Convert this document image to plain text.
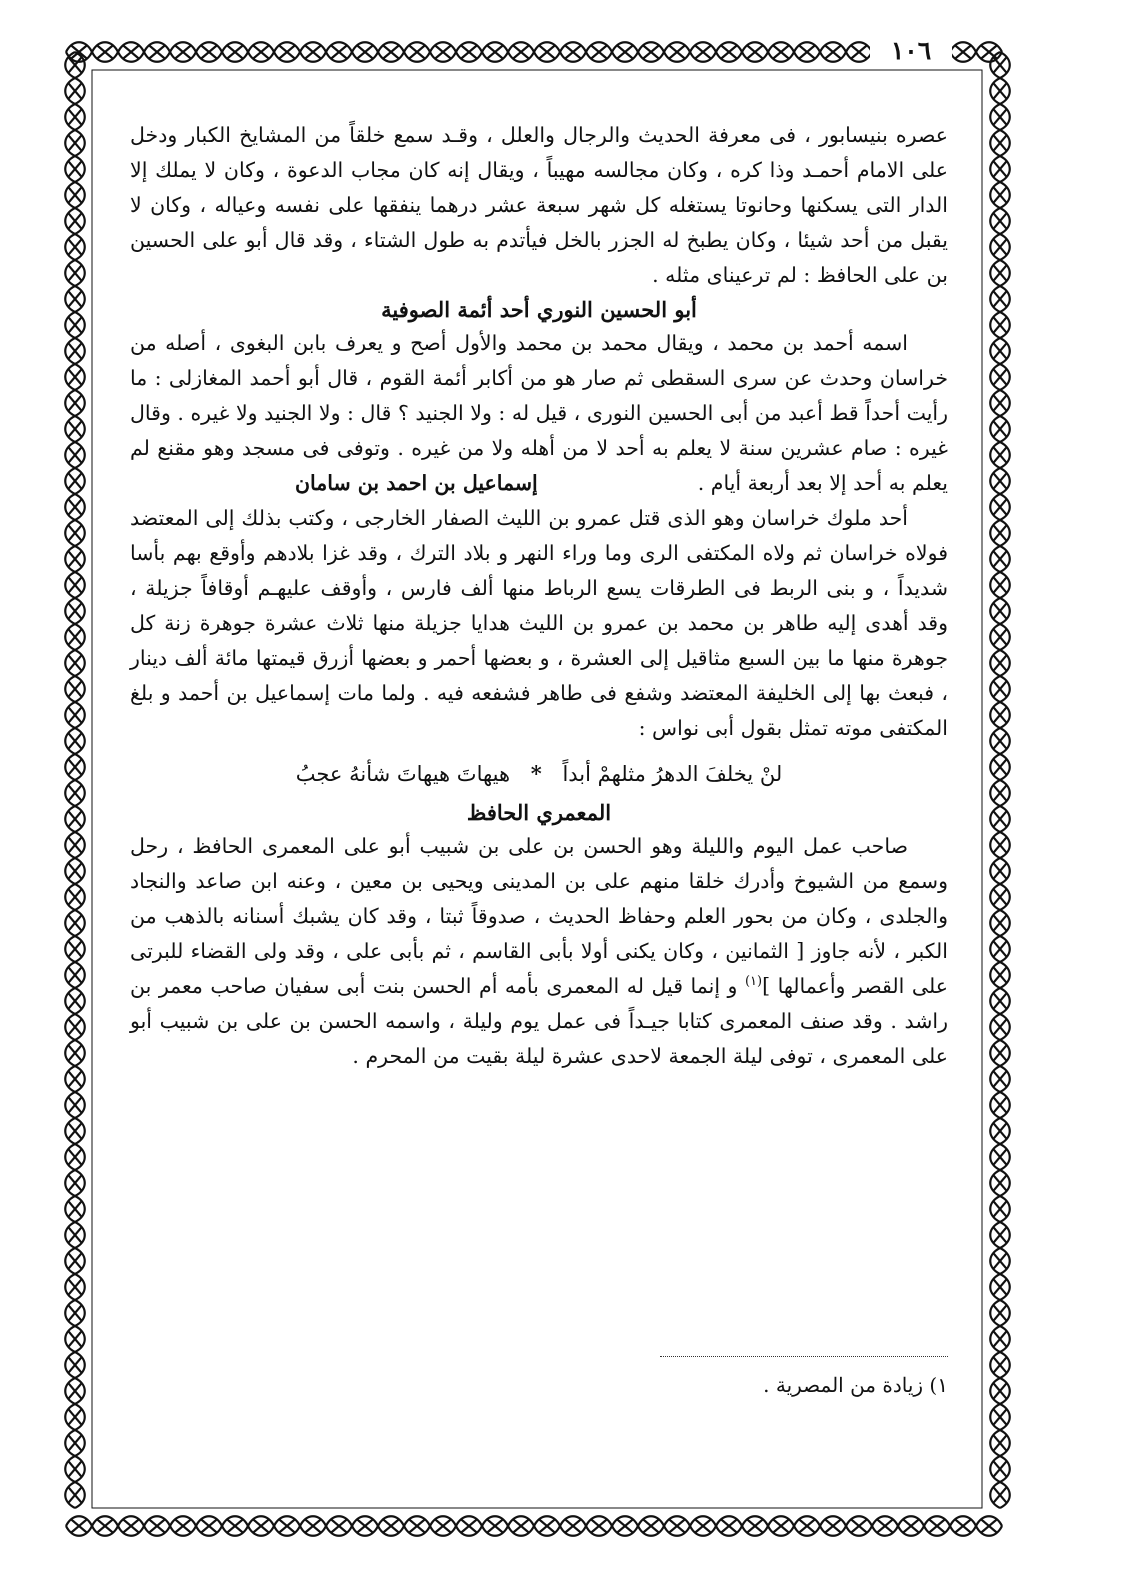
١٠٦

عصره بنيسابور ، فى معرفة الحديث والرجال والعلل ، وقـد سمع خلقاً من المشايخ الكبار ودخل على الامام أحمـد وذا كره ، وكان مجالسه مهيباً ، ويقال إنه كان مجاب الدعوة ، وكان لا يملك إلا الدار التى يسكنها وحانوتا يستغله كل شهر سبعة عشر درهما ينفقها على نفسه وعياله ، وكان لا يقبل من أحد شيئا ، وكان يطبخ له الجزر بالخل فيأتدم به طول الشتاء ، وقد قال أبو على الحسين بن على الحافظ : لم ترعيناى مثله .

أبو الحسين النوري أحد أئمة الصوفية

اسمه أحمد بن محمد ، ويقال محمد بن محمد والأول أصح و يعرف بابن البغوى ، أصله من خراسان وحدث عن سرى السقطى ثم صار هو من أكابر أئمة القوم ، قال أبو أحمد المغازلى : ما رأيت أحداً قط أعبد من أبى الحسين النورى ، قيل له : ولا الجنيد ؟ قال : ولا الجنيد ولا غيره . وقال غيره : صام عشرين سنة لا يعلم به أحد لا من أهله ولا من غيره . وتوفى فى مسجد وهو مقنع لم يعلم به أحد إلا بعد أربعة أيام .إسماعيل بن احمد بن سامان

أحد ملوك خراسان وهو الذى قتل عمرو بن الليث الصفار الخارجى ، وكتب بذلك إلى المعتضد فولاه خراسان ثم ولاه المكتفى الرى وما وراء النهر و بلاد الترك ، وقد غزا بلادهم وأوقع بهم بأسا شديداً ، و بنى الربط فى الطرقات يسع الرباط منها ألف فارس ، وأوقف عليهـم أوقافاً جزيلة ، وقد أهدى إليه طاهر بن محمد بن عمرو بن الليث هدايا جزيلة منها ثلاث عشرة جوهرة زنة كل جوهرة منها ما بين السبع مثاقيل إلى العشرة ، و بعضها أحمر و بعضها أزرق قيمتها مائة ألف دينار ، فبعث بها إلى الخليفة المعتضد وشفع فى طاهر فشفعه فيه . ولما مات إسماعيل بن أحمد و بلغ المكتفى موته تمثل بقول أبى نواس :

لنْ يخلفَ الدهرُ مثلهمْ أبداً * هيهاتَ هيهاتَ شأنهُ عجبُ
المعمري الحافظ

صاحب عمل اليوم والليلة وهو الحسن بن على بن شبيب أبو على المعمرى الحافظ ، رحل وسمع من الشيوخ وأدرك خلقا منهم على بن المدينى ويحيى بن معين ، وعنه ابن صاعد والنجاد والجلدى ، وكان من بحور العلم وحفاظ الحديث ، صدوقاً ثبتا ، وقد كان يشبك أسنانه بالذهب من الكبر ، لأنه جاوز [ الثمانين ، وكان يكنى أولا بأبى القاسم ، ثم بأبى على ، وقد ولى القضاء للبرتى على القصر وأعمالها ]$^{(١)}$ و إنما قيل له المعمرى بأمه أم الحسن بنت أبى سفيان صاحب معمر بن راشد . وقد صنف المعمرى كتابا جيـداً فى عمل يوم وليلة ، واسمه الحسن بن على بن شبيب أبو على المعمرى ، توفى ليلة الجمعة لاحدى عشرة ليلة بقيت من المحرم .

١) زيادة من المصرية .
